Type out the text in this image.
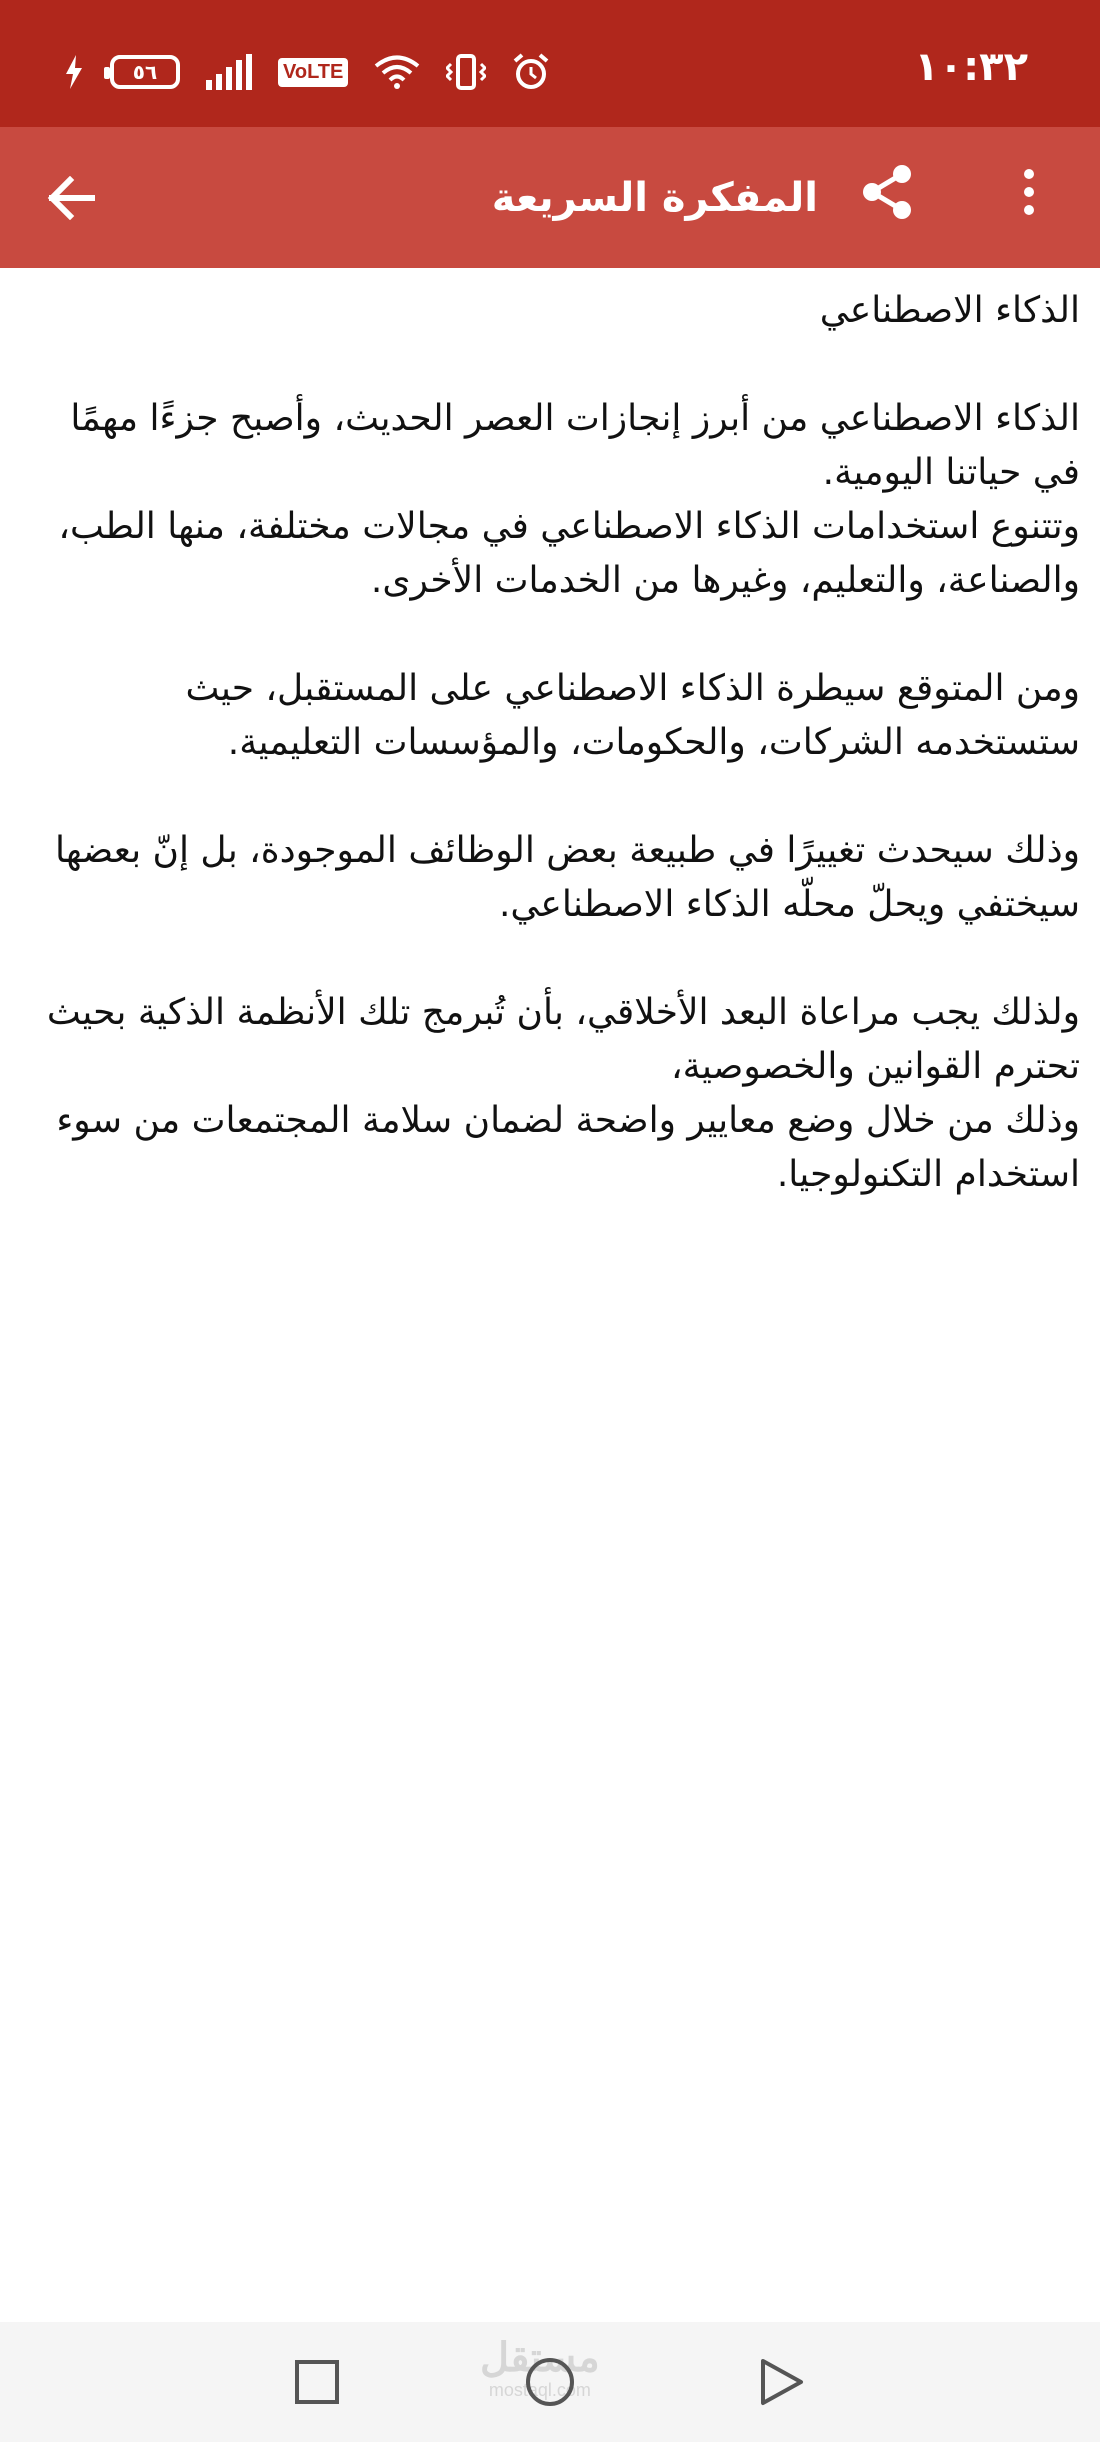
٥٦	VoLTE	١٠:٣٢
المفكرة السريعة

الذكاء الاصطناعي

الذكاء الاصطناعي من أبرز إنجازات العصر الحديث، وأصبح جزءًا مهمًا في حياتنا اليومية.

وتتنوع استخدامات الذكاء الاصطناعي في مجالات مختلفة، منها الطب، والصناعة، والتعليم، وغيرها من الخدمات الأخرى.

ومن المتوقع سيطرة الذكاء الاصطناعي على المستقبل، حيث ستستخدمه الشركات، والحكومات، والمؤسسات التعليمية.

وذلك سيحدث تغييرًا في طبيعة بعض الوظائف الموجودة، بل إنّ بعضها سيختفي ويحلّ محلّه الذكاء الاصطناعي.

ولذلك يجب مراعاة البعد الأخلاقي، بأن تُبرمج تلك الأنظمة الذكية بحيث تحترم القوانين والخصوصية،

وذلك من خلال وضع معايير واضحة لضمان سلامة المجتمعات من سوء استخدام التكنولوجيا.

مستقل
mostaql.com
